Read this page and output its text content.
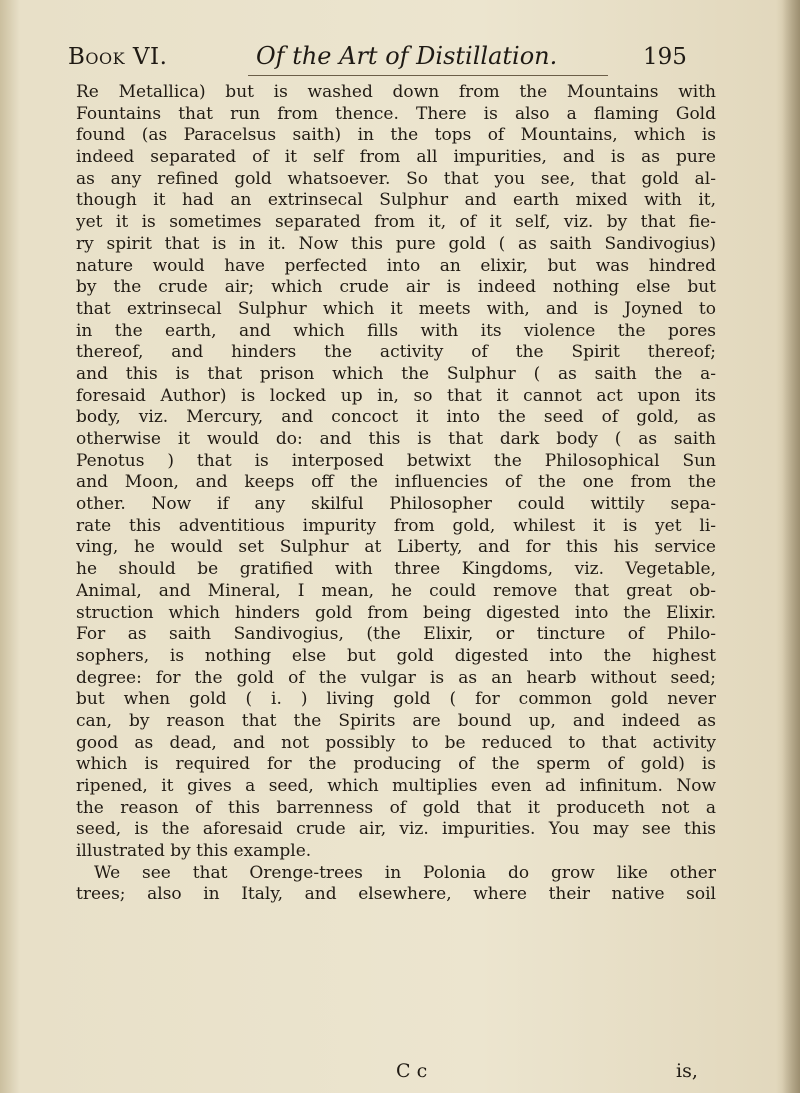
Book VI.	Of the Art of Distillation.	195
Re Metallica) but is washed down from the Mountains with
Fountains that run from thence. There is also a flaming Gold
found (as Paracelsus saith) in the tops of Mountains, which is
indeed separated of it self from all impurities, and is as pure
as any refined gold whatsoever. So that you see, that gold al-
though it had an extrinsecal Sulphur and earth mixed with it,
yet it is sometimes separated from it, of it self, viz. by that fie-
ry spirit that is in it. Now this pure gold ( as saith Sandivogius)
nature would have perfected into an elixir, but was hindred
by the crude air; which crude air is indeed nothing else but
that extrinsecal Sulphur which it meets with, and is Joyned to
in the earth, and which fills with its violence the pores
thereof, and hinders the activity of the Spirit thereof;
and this is that prison which the Sulphur ( as saith the a-
foresaid Author) is locked up in, so that it cannot act upon its
body, viz. Mercury, and concoct it into the seed of gold, as
otherwise it would do: and this is that dark body ( as saith
Penotus ) that is interposed betwixt the Philosophical Sun
and Moon, and keeps off the influencies of the one from the
other. Now if any skilful Philosopher could wittily sepa-
rate this adventitious impurity from gold, whilest it is yet li-
ving, he would set Sulphur at Liberty, and for this his service
he should be gratified with three Kingdoms, viz. Vegetable,
Animal, and Mineral, I mean, he could remove that great ob-
struction which hinders gold from being digested into the Elixir.
For as saith Sandivogius, (the Elixir, or tincture of Philo-
sophers, is nothing else but gold digested into the highest
degree: for the gold of the vulgar is as an hearb without seed;
but when gold ( i. ) living gold ( for common gold never
can, by reason that the Spirits are bound up, and indeed as
good as dead, and not possibly to be reduced to that activity
which is required for the producing of the sperm of gold) is
ripened, it gives a seed, which multiplies even ad infinitum. Now
the reason of this barrenness of gold that it produceth not a
seed, is the aforesaid crude air, viz. impurities. You may see this
illustrated by this example.
We see that Orenge-trees in Polonia do grow like other
trees; also in Italy, and elsewhere, where their native soil
C c	is,
